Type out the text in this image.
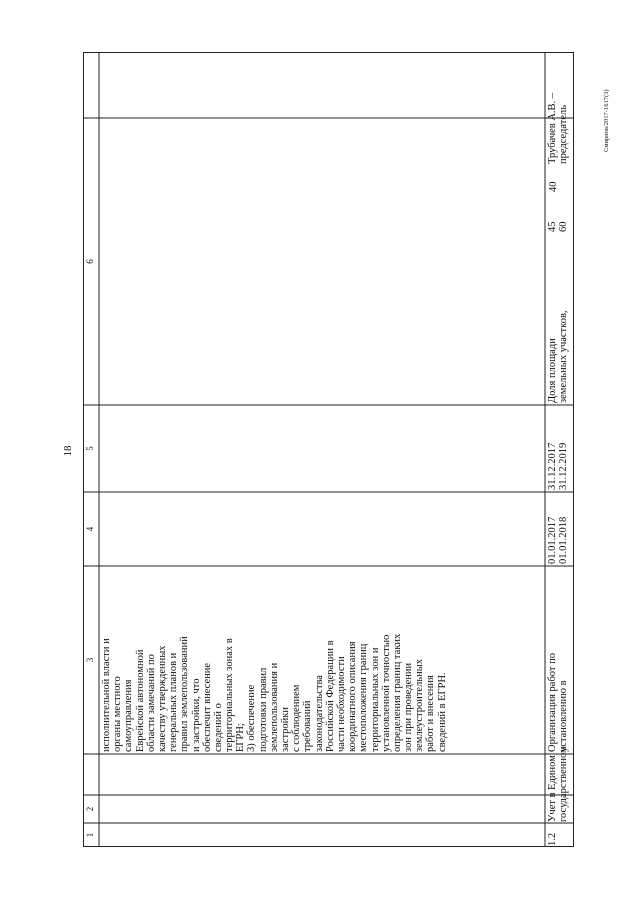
18
исполнительной власти и органы местного самоуправления Еврейской автономной области замечаний по качеству утвержденных генеральных планов и правил землепользований и застройки, что обеспечит внесение сведений о территориальных зонах в ЕГРН; 3) обеспечение подготовки правил землепользования и застройки с соблюдением требований законодательства Российской Федерации в части необходимости координатного описания местоположения границ территориальных зон и установленной точностью определения границ таких зон при проведении землеустроительных работ и внесения сведений в ЕГРН.
1.2
Учет в Едином государственном
Организация работ по установлению в
01.01.2017 01.01.2018
31.12.2017 31.12.2019
Доля площади земельных участков,
45 60
40
Трубачев А.В. – председатель	Смирнов/2017-1617(3)
1
2
3
4
5
6
